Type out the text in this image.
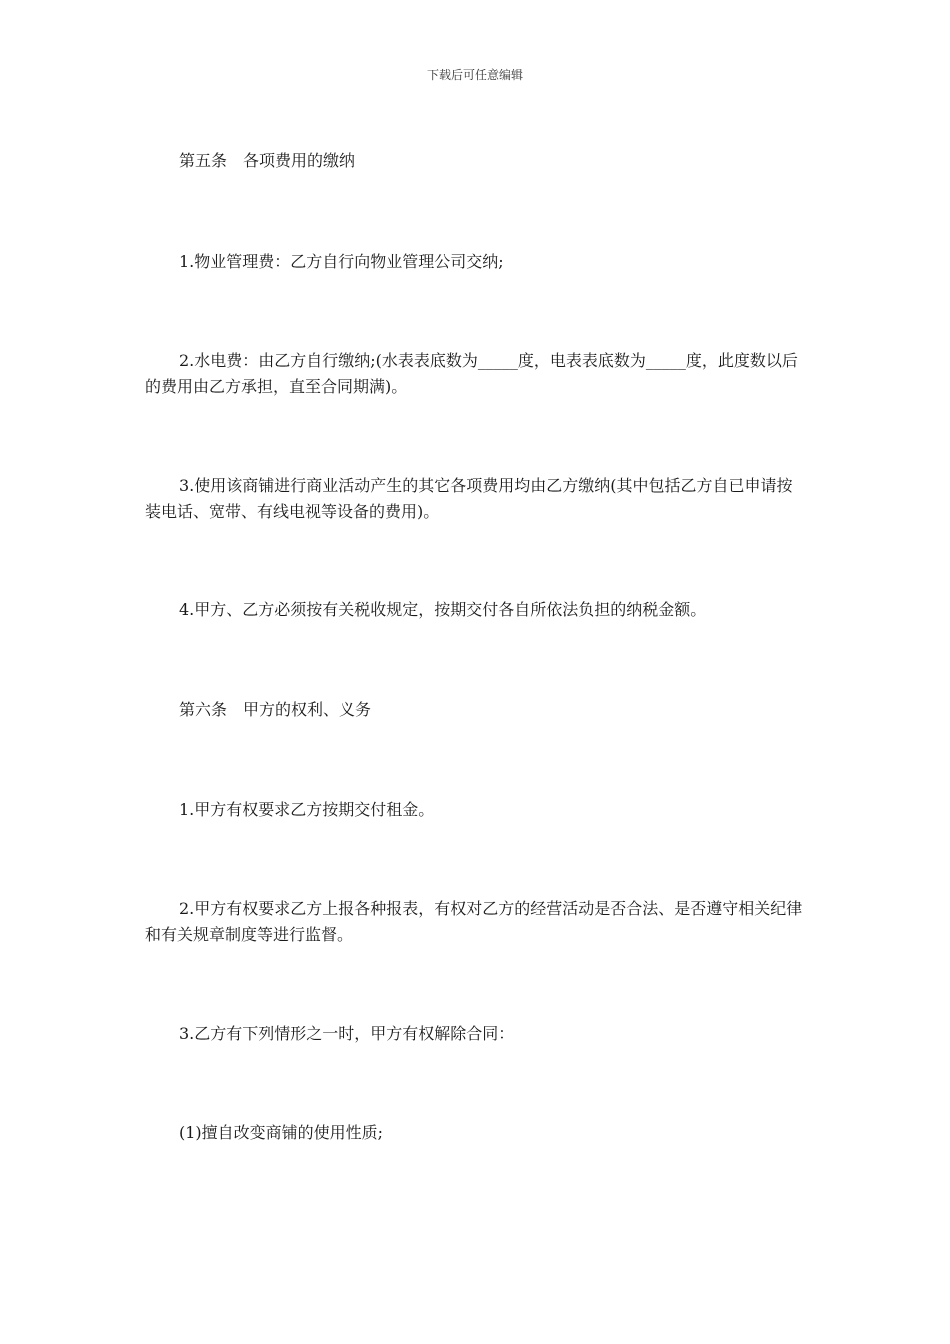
下载后可任意编辑
第五条　各项费用的缴纳
1.物业管理费：乙方自行向物业管理公司交纳;
2.水电费：由乙方自行缴纳;(水表表底数为_____度，电表表底数为_____度，此度数以后的费用由乙方承担，直至合同期满)。
3.使用该商铺进行商业活动产生的其它各项费用均由乙方缴纳(其中包括乙方自已申请按装电话、宽带、有线电视等设备的费用)。
4.甲方、乙方必须按有关税收规定，按期交付各自所依法负担的纳税金额。
第六条　甲方的权利、义务
1.甲方有权要求乙方按期交付租金。
2.甲方有权要求乙方上报各种报表，有权对乙方的经营活动是否合法、是否遵守相关纪律和有关规章制度等进行监督。
3.乙方有下列情形之一时，甲方有权解除合同：
(1)擅自改变商铺的使用性质;
